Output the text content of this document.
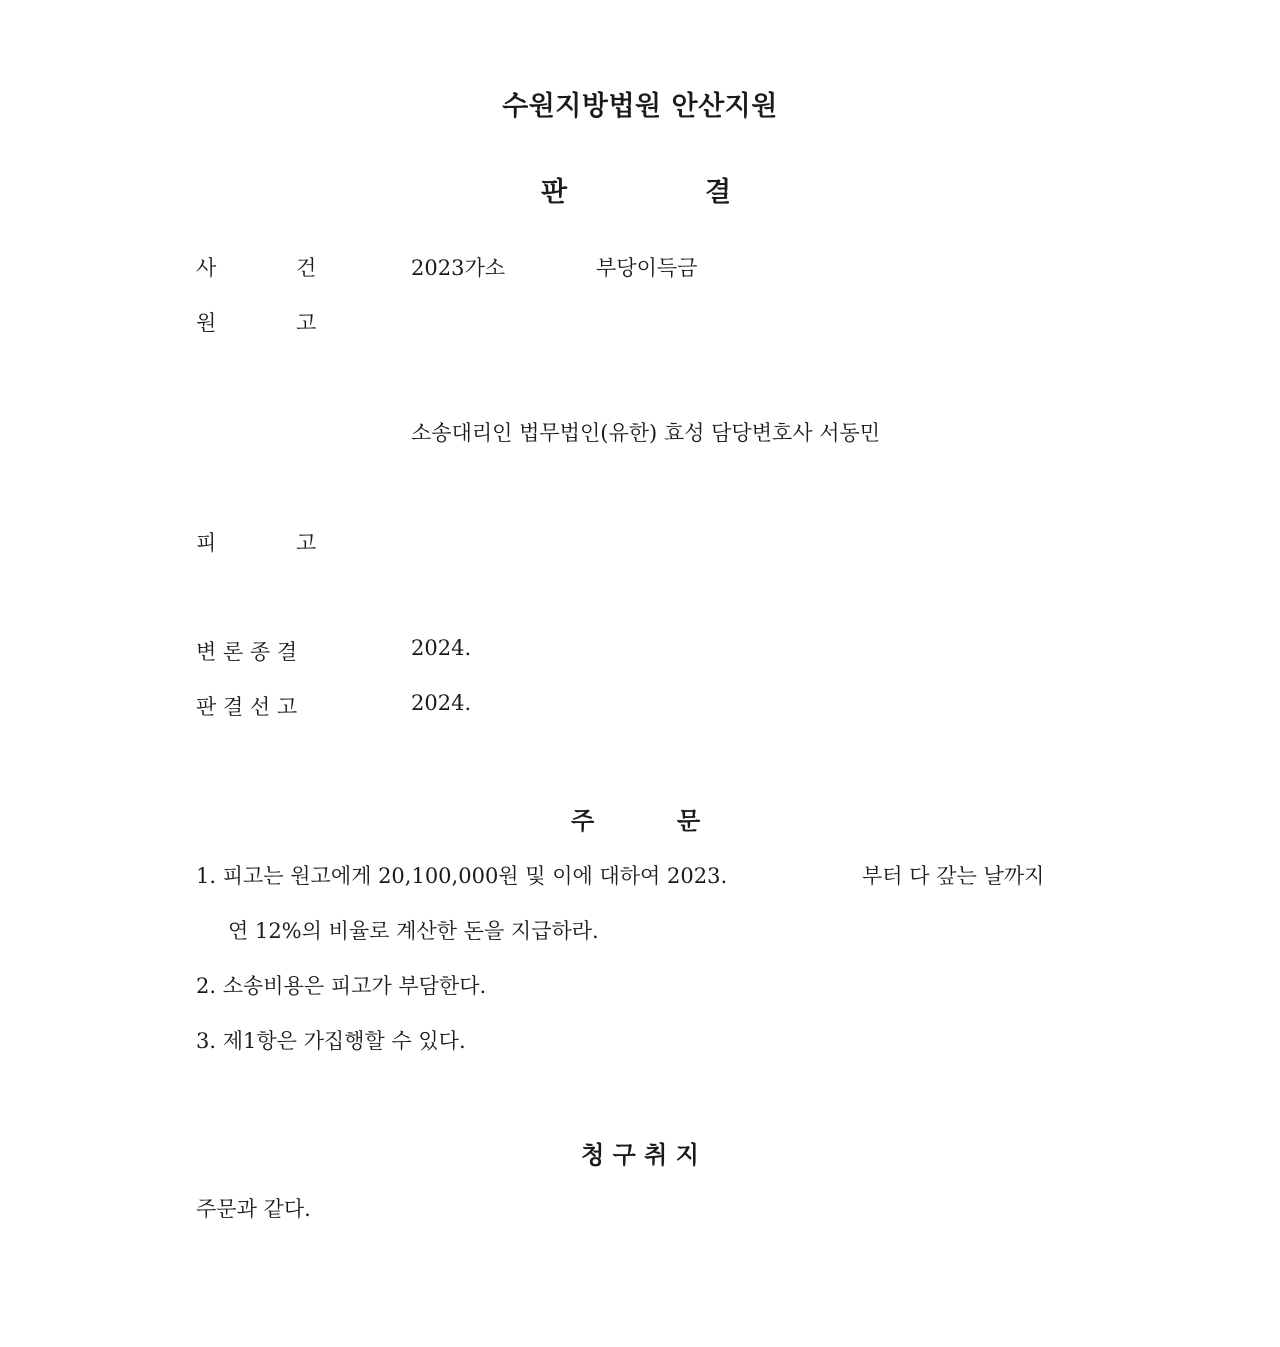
수원지방법원 안산지원
판	결
사	건	2023가소	부당이득금
원	고
소송대리인 법무법인(유한) 효성 담당변호사 서동민
피	고
변 론 종 결	2024.
판 결 선 고	2024.
주	문
1. 피고는 원고에게 20,100,000원 및 이에 대하여 2023.	부터 다 갚는 날까지
연 12%의 비율로 계산한 돈을 지급하라.
2. 소송비용은 피고가 부담한다.
3. 제1항은 가집행할 수 있다.
청 구 취 지
주문과 같다.
